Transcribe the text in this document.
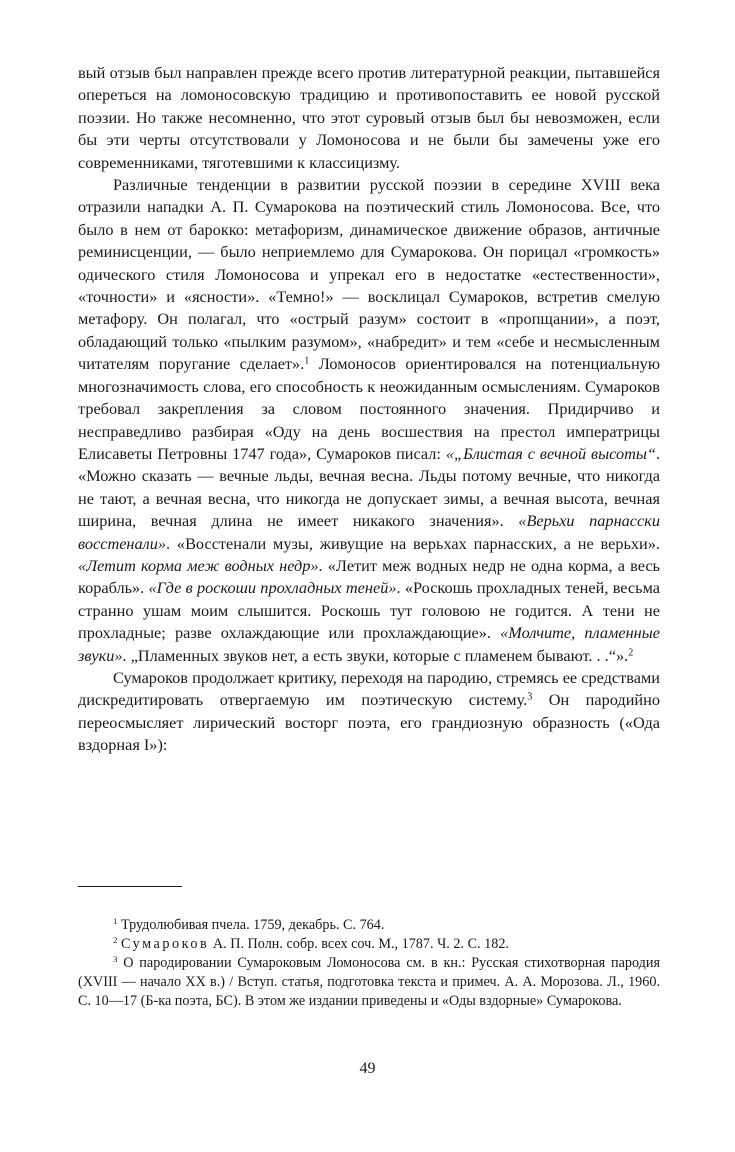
вый отзыв был направлен прежде всего против литературной реакции, пытавшейся опереться на ломоносовскую традицию и противопоставить ее новой русской поэзии. Но также несомненно, что этот суровый отзыв был бы невозможен, если бы эти черты отсутствовали у Ломоносова и не были бы замечены уже его современниками, тяготевшими к классицизму.

Различные тенденции в развитии русской поэзии в середине XVIII века отразили нападки А. П. Сумарокова на поэтический стиль Ломоносова. Все, что было в нем от барокко: метафоризм, динамическое движение образов, античные реминисценции, — было неприемлемо для Сумарокова. Он порицал «громкость» одического стиля Ломоносова и упрекал его в недостатке «естественности», «точности» и «ясности». «Темно!» — восклицал Сумароков, встретив смелую метафору. Он полагал, что «острый разум» состоит в «пропщании», а поэт, обладающий только «пылким разумом», «набредит» и тем «себе и несмысленным читателям поругание сделает».$^1$ Ломоносов ориентировался на потенциальную многозначимость слова, его способность к неожиданным осмыслениям. Сумароков требовал закрепления за словом постоянного значения. Придирчиво и несправедливо разбирая «Оду на день восшествия на престол императрицы Елисаветы Петровны 1747 года», Сумароков писал: «„Блистая с вечной высоты“. «Можно сказать — вечные льды, вечная весна. Льды потому вечные, что никогда не тают, а вечная весна, что никогда не допускает зимы, а вечная высота, вечная ширина, вечная длина не имеет никакого значения». «Верьхи парнасски восстенали». «Восстенали музы, живущие на верьхах парнасских, а не верьхи». «Летит корма меж водных недр». «Летит меж водных недр не одна корма, а весь корабль». «Где в роскоши прохладных теней». «Роскошь прохладных теней, весьма странно ушам моим слышится. Роскошь тут головою не годится. А тени не прохладные; разве охлаждающие или прохлаждающие». «Молчите, пламенные звуки». „Пламенных звуков нет, а есть звуки, которые с пламенем бывают. . .“».$^2$

Сумароков продолжает критику, переходя на пародию, стремясь ее средствами дискредитировать отвергаемую им поэтическую систему.$^3$ Он пародийно переосмысляет лирический восторг поэта, его грандиозную образность («Ода вздорная I»):

$^1$ Трудолюбивая пчела. 1759, декабрь. С. 764.

$^2$ Сумароков А. П. Полн. собр. всех соч. М., 1787. Ч. 2. С. 182.

$^3$ О пародировании Сумароковым Ломоносова см. в кн.: Русская стихотворная пародия (XVIII — начало XX в.) / Вступ. статья, подготовка текста и примеч. А. А. Морозова. Л., 1960. С. 10—17 (Б-ка поэта, БС). В этом же издании приведены и «Оды вздорные» Сумарокова.

49
